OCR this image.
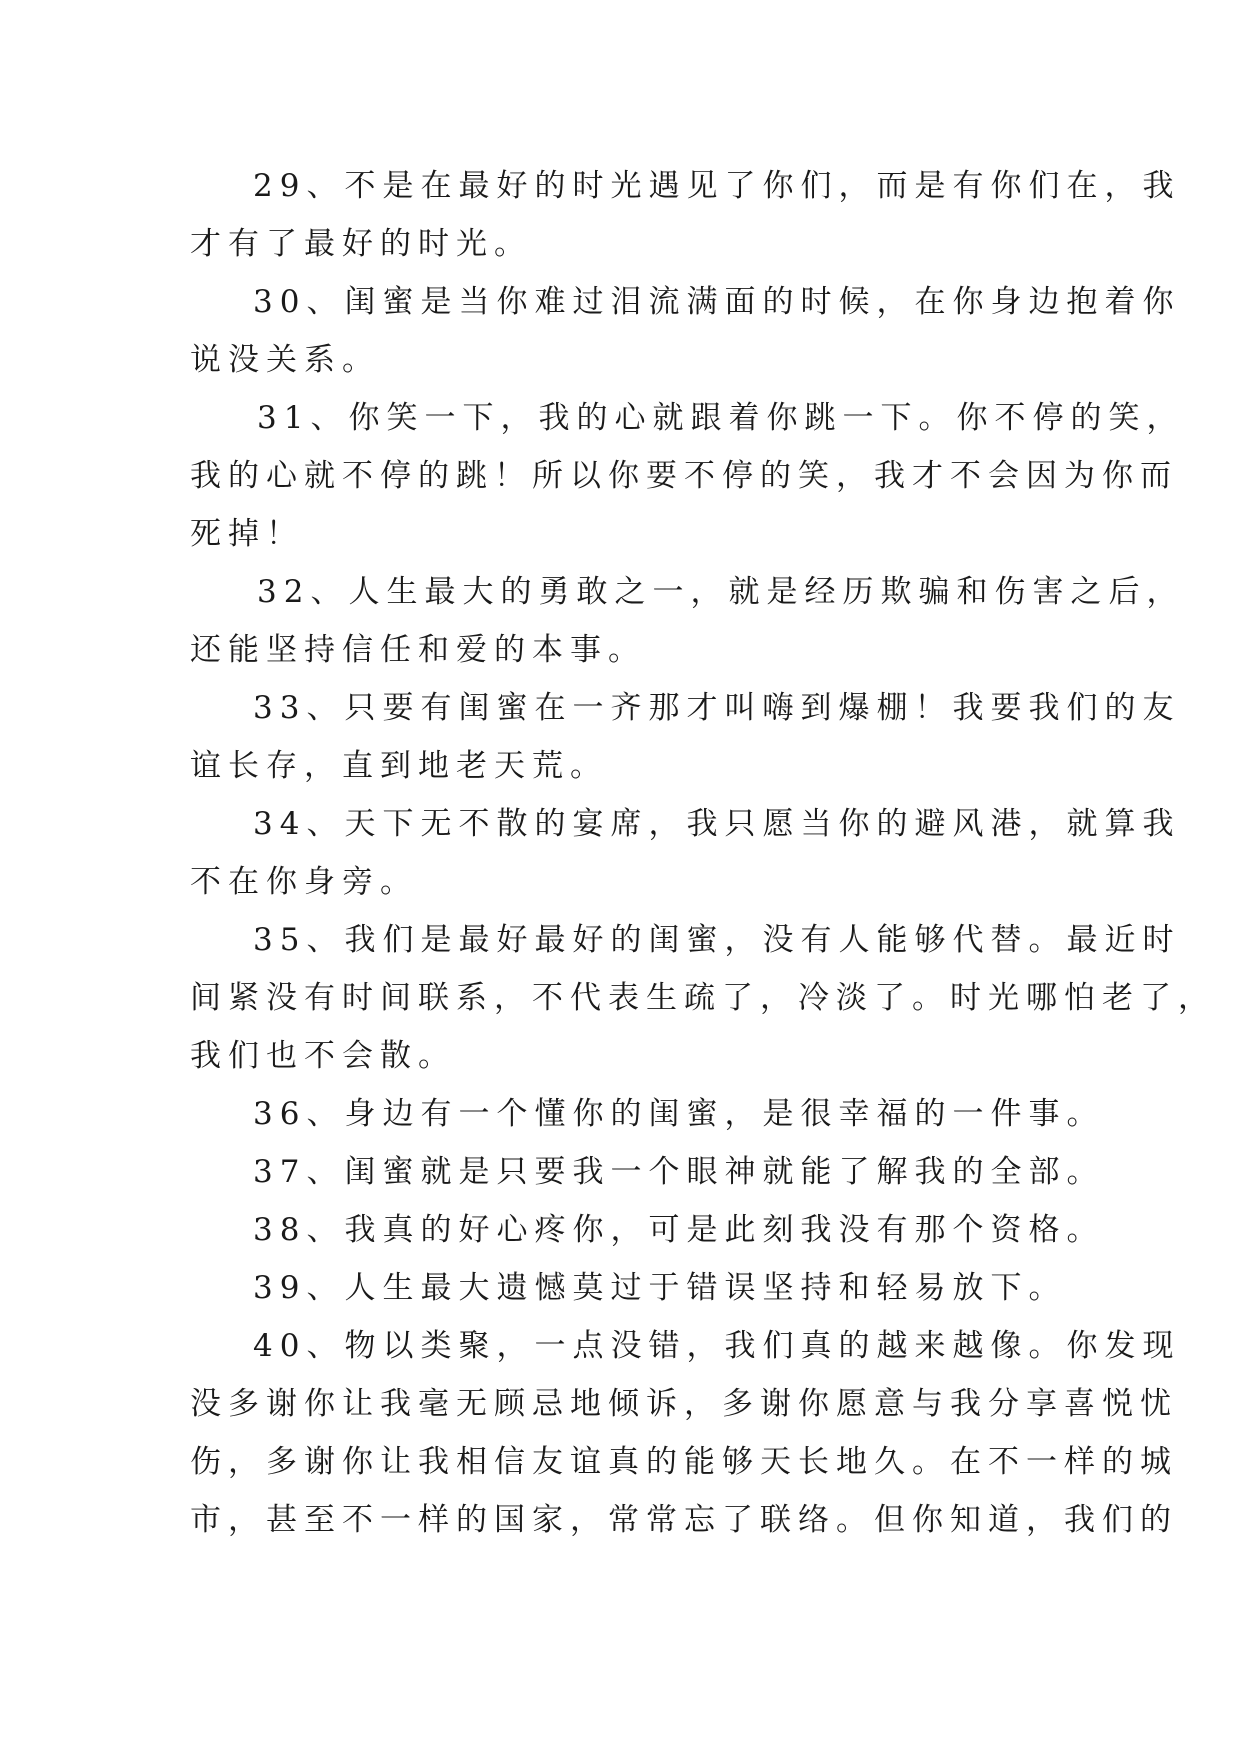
29、不是在最好的时光遇见了你们，而是有你们在，我
才有了最好的时光。
30、闺蜜是当你难过泪流满面的时候，在你身边抱着你
说没关系。
31、你笑一下，我的心就跟着你跳一下。你不停的笑，
我的心就不停的跳！所以你要不停的笑，我才不会因为你而
死掉！
32、人生最大的勇敢之一，就是经历欺骗和伤害之后，
还能坚持信任和爱的本事。
33、只要有闺蜜在一齐那才叫嗨到爆棚！我要我们的友
谊长存，直到地老天荒。
34、天下无不散的宴席，我只愿当你的避风港，就算我
不在你身旁。
35、我们是最好最好的闺蜜，没有人能够代替。最近时
间紧没有时间联系，不代表生疏了，冷淡了。时光哪怕老了，
我们也不会散。
36、身边有一个懂你的闺蜜，是很幸福的一件事。
37、闺蜜就是只要我一个眼神就能了解我的全部。
38、我真的好心疼你，可是此刻我没有那个资格。
39、人生最大遗憾莫过于错误坚持和轻易放下。
40、物以类聚，一点没错，我们真的越来越像。你发现
没多谢你让我毫无顾忌地倾诉，多谢你愿意与我分享喜悦忧
伤，多谢你让我相信友谊真的能够天长地久。在不一样的城
市，甚至不一样的国家，常常忘了联络。但你知道，我们的
